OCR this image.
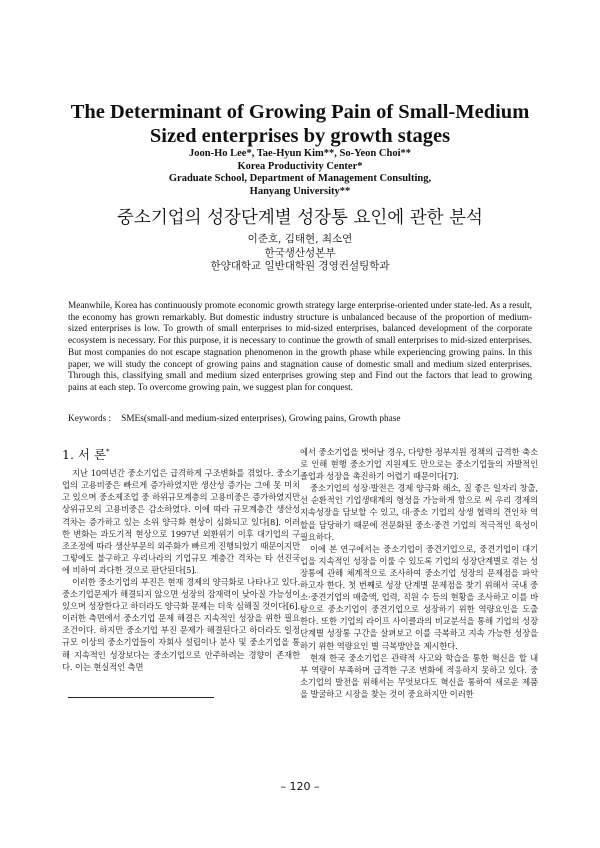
The Determinant of Growing Pain of Small-Medium Sized enterprises by growth stages
Joon-Ho Lee*, Tae-Hyun Kim**, So-Yeon Choi**
Korea Productivity Center*
Graduate School, Department of Management Consulting,
Hanyang University**
중소기업의 성장단계별 성장통 요인에 관한 분석
이준호, 김태현, 최소연
한국생산성본부
한양대학교 일반대학원 경영컨설팅학과

Meanwhile, Korea has continuously promote economic growth strategy large enterprise-oriented under state-led. As a result, the economy has grown remarkably. But domestic industry structure is unbalanced because of the proportion of medium-sized enterprises is low. To growth of small enterprises to mid-sized enterprises, balanced development of the corporate ecosystem is necessary. For this purpose, it is necessary to continue the growth of small enterprises to mid-sized enterprises. But most companies do not escape stagnation phenomenon in the growth phase while experiencing growing pains. In this paper, we will study the concept of growing pains and stagnation cause of domestic small and medium sized enterprises. Through this, classifying small and medium sized enterprises growing step and Find out the factors that lead to growing pains at each step. To overcome growing pain, we suggest plan for conquest.

Keywords : SMEs(small-and medium-sized enterprises), Growing pains, Growth phase
1. 서 론*

지난 10여년간 중소기업은 급격하게 구조변화를 겪었다. 중소기업의 고용비중은 빠르게 증가하였지만 생산성 증가는 그에 못 미치고 있으며 중소제조업 중 하위규모계층의 고용비중은 증가하였지만 상위규모의 고용비중은 감소하였다. 이에 따라 규모계층간 생산성 격차는 증가하고 있는 소위 양극화 현상이 심화되고 있다[8]. 이러한 변화는 과도기적 현상으로 1997년 외환위기 이후 대기업의 구조조정에 따라 생산부문의 외주화가 빠르게 진행되었기 때문이지만 그렇에도 불구하고 우리나라의 기업규모 계층간 격차는 타 선진국에 비하여 과다한 것으로 판단된다[5].

이러한 중소기업의 부진은 현재 경제의 양극화로 나타나고 있다. 중소기업문제가 해결되지 않으면 성장의 잠재력이 낮아질 가능성이 있으며 성장한다고 하더라도 양극화 문제는 더욱 심해질 것이다[6]. 이러한 측면에서 중소기업 문제 해결은 지속적인 성장을 위한 필요조건이다. 하지만 중소기업 부진 문제가 해결된다고 하더라도 일정규모 이상의 중소기업들이 자회사 설립이나 분사 및 중소기업을 통해 지속적인 성장보다는 중소기업으로 안주하려는 경향이 존재한다. 이는 현실적인 측면

에서 중소기업을 벗어날 경우, 다양한 정부지원 정책의 급격한 축소로 인해 현행 중소기업 지원제도 만으로는 중소기업들의 자발적인 졸업과 성장을 촉진하기 어렵기 때문이다[7].

중소기업의 성장·발전은 경제 양극화 해소, 질 좋은 일자리 창출, 선 순환적인 기업생태계의 형성을 가능하게 함으로 써 우리 경제의 지속성장을 담보할 수 있고, 대·중소 기업의 상생 협력의 견인차 역할을 담당하기 때문에 전문화된 중소·중견 기업의 적극적인 육성이 필요하다.

이에 본 연구에서는 중소기업이 중견기업으로, 중견기업이 대기업을 지속적인 성장을 이룰 수 있도록 기업의 성장단계별로 겪는 성장통에 관해 체계적으로 조사하여 중소기업 성장의 문제점을 파악하고자 한다. 첫 번째로 성장 단계별 문제점을 찾기 위해서 국내 중소·중견기업의 매출액, 업력, 직원 수 등의 현황을 조사하고 이를 바탕으로 중소기업이 중견기업으로 성장하기 위한 역량요인을 도출 한다. 또한 기업의 라이프 사이클과의 비교분석을 통해 기업의 성장단계별 성장통 구간을 살펴보고 이를 극복하고 지속 가능한 성장을 하기 위한 역량요인 별 극복방안을 제시한다.

현재 한국 중소기업은 관략적 사고와 학습을 통한 혁신을 할 내부 역량이 부족하며 급격한 구조 변화에 적응하지 못하고 있다. 중소기업의 발전을 위해서는 무엇보다도 혁신을 통하여 새로운 제품을 발굴하고 시장을 찾는 것이 중요하지만 이러한

– 120 –
